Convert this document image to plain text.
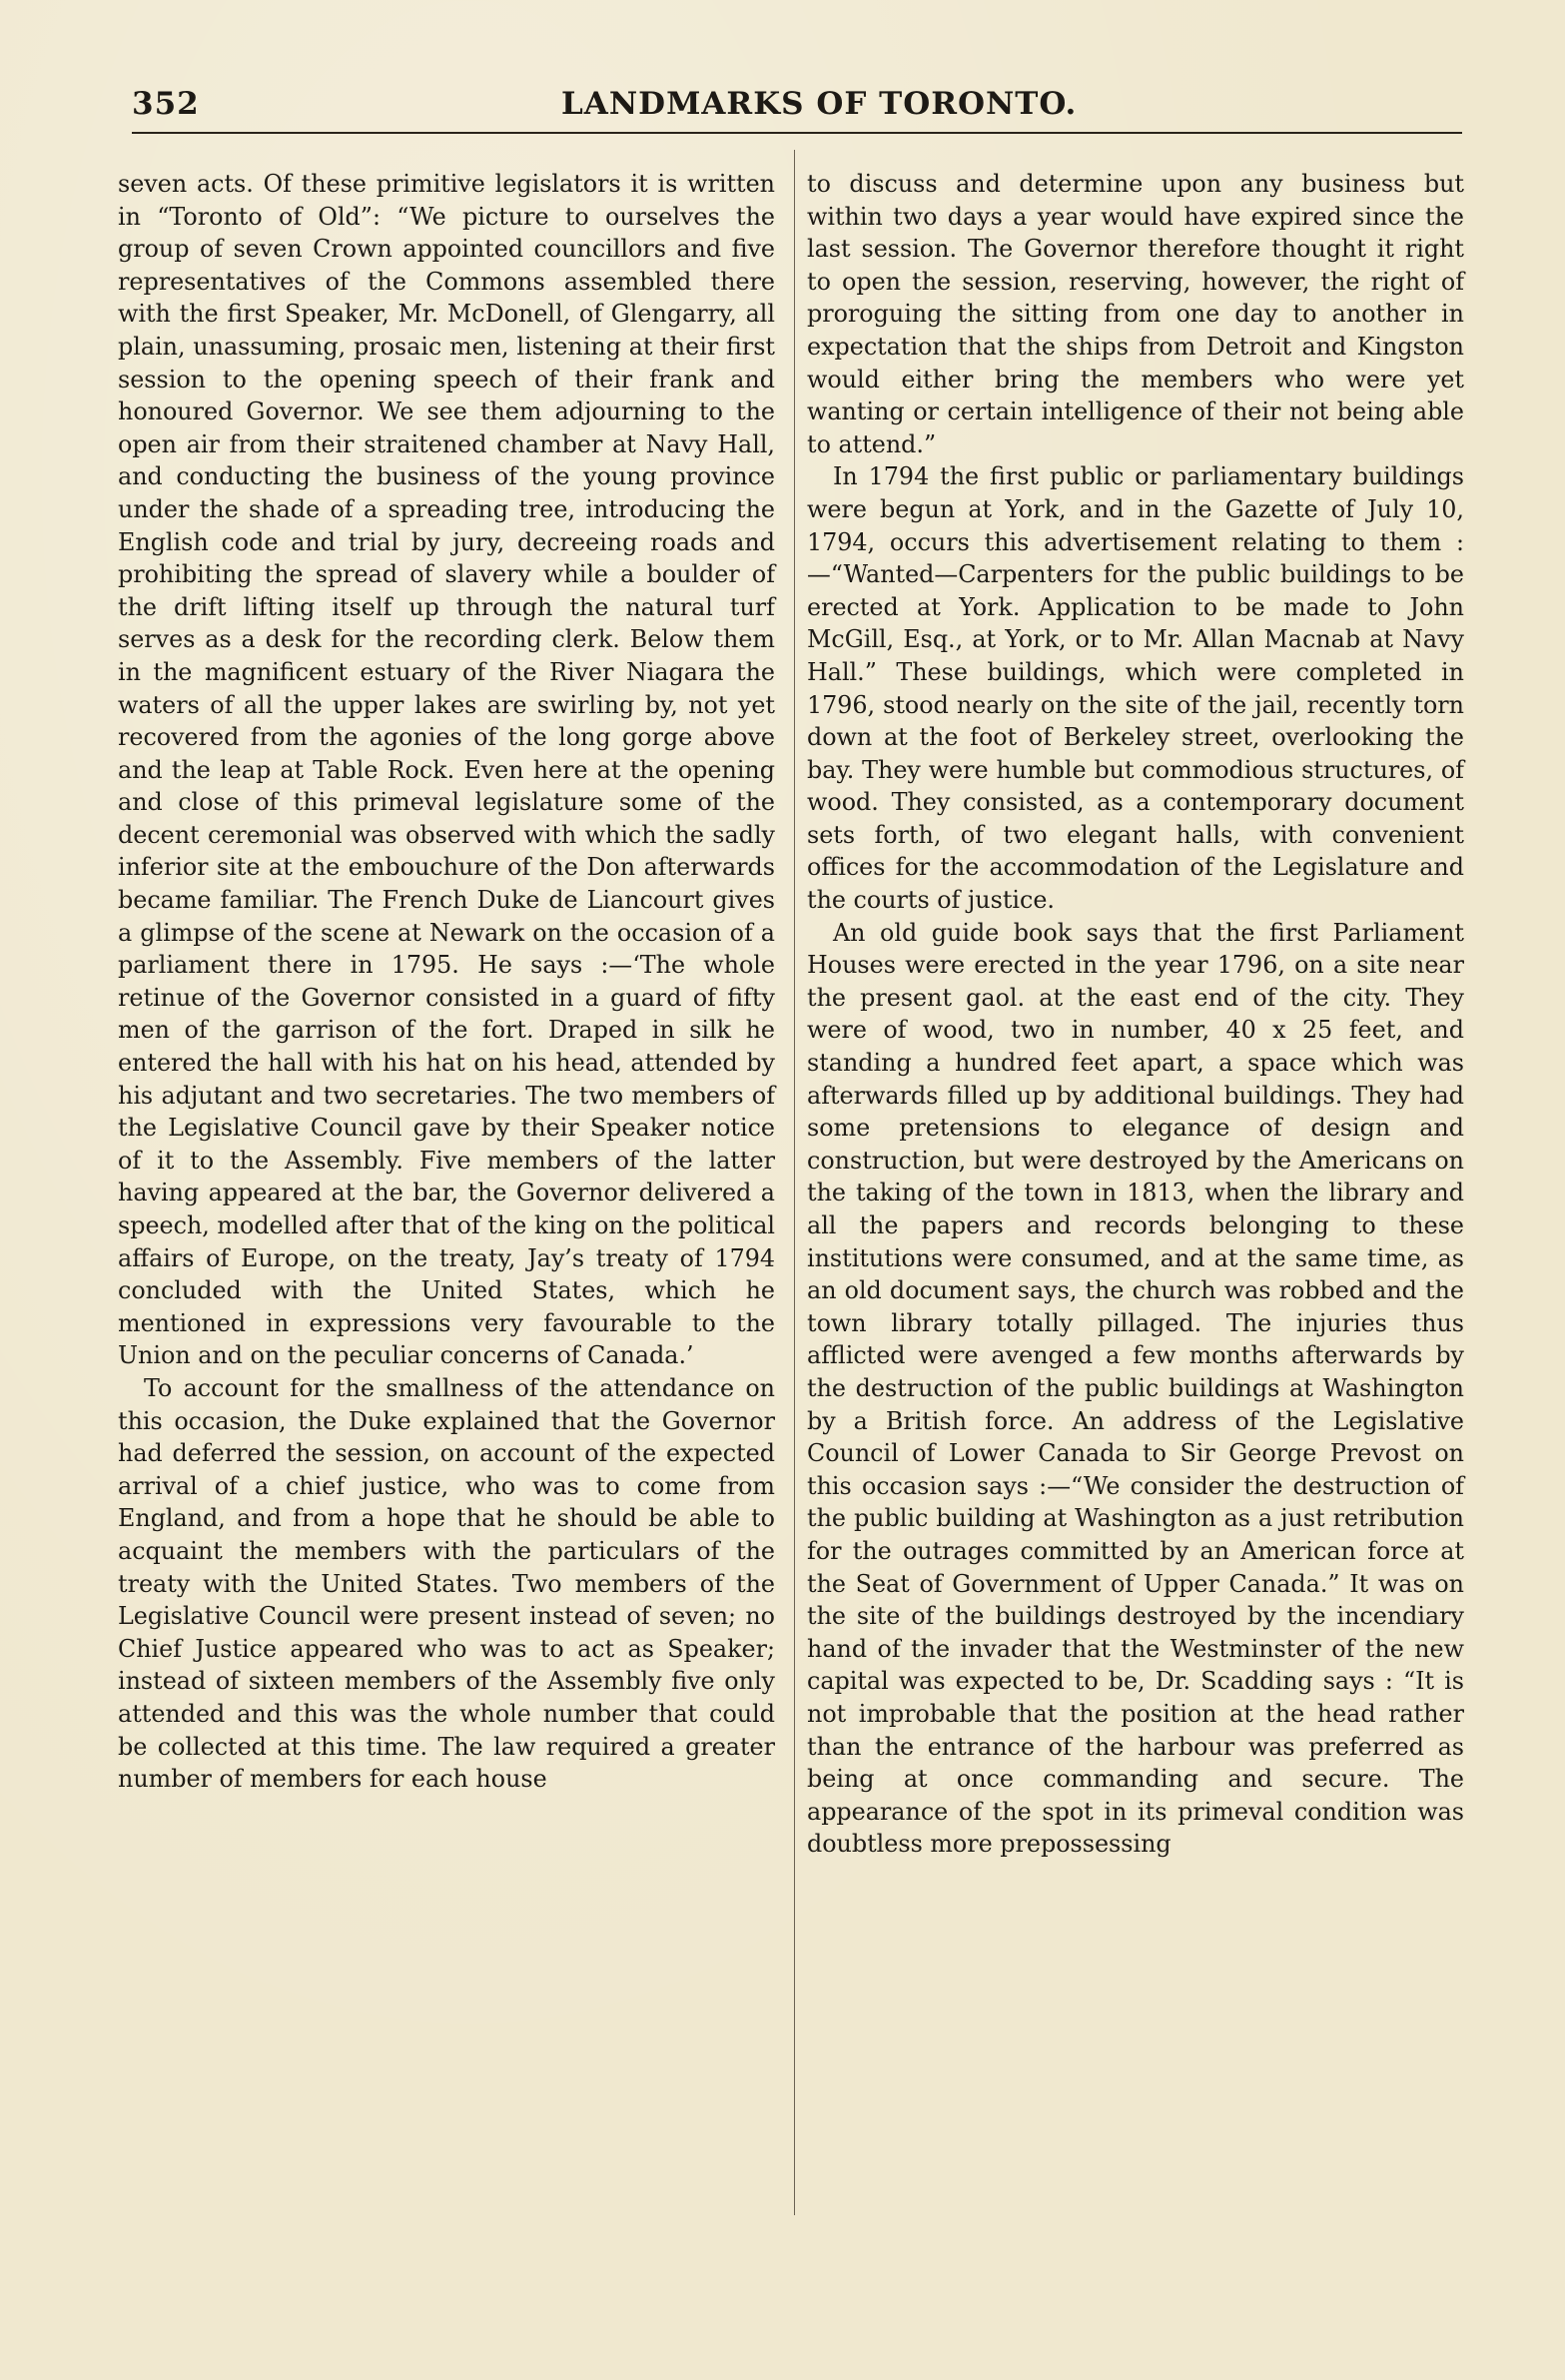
352	LANDMARKS OF TORONTO.

seven acts. Of these primitive legislators it is written in “Toronto of Old”: “We picture to ourselves the group of seven Crown appointed councillors and five representatives of the Commons assembled there with the first Speaker, Mr. McDonell, of Glengarry, all plain, unassuming, prosaic men, listening at their first session to the opening speech of their frank and honoured Governor. We see them adjourning to the open air from their straitened chamber at Navy Hall, and conducting the business of the young province under the shade of a spreading tree, introducing the English code and trial by jury, decreeing roads and prohibiting the spread of slavery while a boulder of the drift lifting itself up through the natural turf serves as a desk for the recording clerk. Below them in the magnificent estuary of the River Niagara the waters of all the upper lakes are swirling by, not yet recovered from the agonies of the long gorge above and the leap at Table Rock. Even here at the opening and close of this primeval legislature some of the decent ceremonial was observed with which the sadly inferior site at the embouchure of the Don afterwards became familiar. The French Duke de Liancourt gives a glimpse of the scene at Newark on the occasion of a parliament there in 1795. He says :—‘The whole retinue of the Governor consisted in a guard of fifty men of the garrison of the fort. Draped in silk he entered the hall with his hat on his head, attended by his adjutant and two secretaries. The two members of the Legislative Council gave by their Speaker notice of it to the Assembly. Five members of the latter having appeared at the bar, the Governor delivered a speech, modelled after that of the king on the political affairs of Europe, on the treaty, Jay’s treaty of 1794 concluded with the United States, which he mentioned in expressions very favourable to the Union and on the peculiar concerns of Canada.’

To account for the smallness of the attendance on this occasion, the Duke explained that the Governor had deferred the session, on account of the expected arrival of a chief justice, who was to come from England, and from a hope that he should be able to acquaint the members with the particulars of the treaty with the United States. Two members of the Legislative Council were present instead of seven; no Chief Justice appeared who was to act as Speaker; instead of sixteen members of the Assembly five only attended and this was the whole number that could be collected at this time. The law required a greater number of members for each house

to discuss and determine upon any business but within two days a year would have expired since the last session. The Governor therefore thought it right to open the session, reserving, however, the right of proroguing the sitting from one day to another in expectation that the ships from Detroit and Kingston would either bring the members who were yet wanting or certain intelligence of their not being able to attend.”

In 1794 the first public or parliamentary buildings were begun at York, and in the Gazette of July 10, 1794, occurs this advertisement relating to them :—“Wanted—Carpenters for the public buildings to be erected at York. Application to be made to John McGill, Esq., at York, or to Mr. Allan Macnab at Navy Hall.” These buildings, which were completed in 1796, stood nearly on the site of the jail, recently torn down at the foot of Berkeley street, overlooking the bay. They were humble but commodious structures, of wood. They consisted, as a contemporary document sets forth, of two elegant halls, with convenient offices for the accommodation of the Legislature and the courts of justice.

An old guide book says that the first Parliament Houses were erected in the year 1796, on a site near the present gaol. at the east end of the city. They were of wood, two in number, 40 x 25 feet, and standing a hundred feet apart, a space which was afterwards filled up by additional buildings. They had some pretensions to elegance of design and construction, but were destroyed by the Americans on the taking of the town in 1813, when the library and all the papers and records belonging to these institutions were consumed, and at the same time, as an old document says, the church was robbed and the town library totally pillaged. The injuries thus afflicted were avenged a few months afterwards by the destruction of the public buildings at Washington by a British force. An address of the Legislative Council of Lower Canada to Sir George Prevost on this occasion says :—“We consider the destruction of the public building at Washington as a just retribution for the outrages committed by an American force at the Seat of Government of Upper Canada.” It was on the site of the buildings destroyed by the incendiary hand of the invader that the Westminster of the new capital was expected to be, Dr. Scadding says : “It is not improbable that the position at the head rather than the entrance of the harbour was preferred as being at once commanding and secure. The appearance of the spot in its primeval condition was doubtless more prepossessing
